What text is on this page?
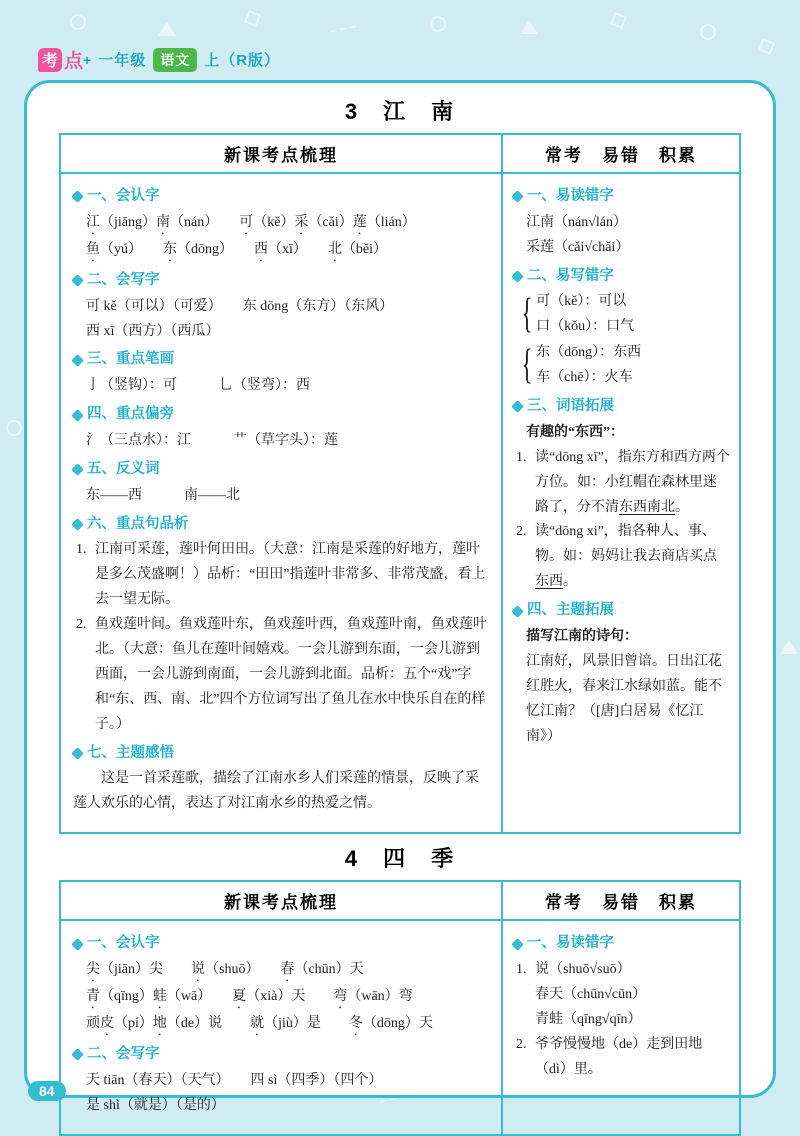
考 点 + 一年级	语文 上（R版）
3　江　南
新课考点梳理	常考　易错　积累
一、会认字
江（jiāng）南（nán）　　可（kě）采（cǎi）莲（lián）
鱼（yú）　　东（dōng）　　西（xī）　　北（běi）
二、会写字
可 kě（可以）（可爱）　　东 dōng（东方）（东风）
西 xī（西方）（西瓜）
三、重点笔画
亅（竖钩）：可　　　乚（竖弯）：西
四、重点偏旁
氵（三点水）：江　　　艹（草字头）：莲
五、反义词
东——西　　　南——北
六、重点句品析
1. 江南可采莲，莲叶何田田。（大意：江南是采莲的好地方，莲叶是多么茂盛啊！）品析：“田田”指莲叶非常多、非常茂盛，看上去一望无际。
2. 鱼戏莲叶间。鱼戏莲叶东，鱼戏莲叶西，鱼戏莲叶南，鱼戏莲叶北。（大意：鱼儿在莲叶间嬉戏。一会儿游到东面，一会儿游到西面，一会儿游到南面，一会儿游到北面。品析：五个“戏”字和“东、西、南、北”四个方位词写出了鱼儿在水中快乐自在的样子。）
七、主题感悟
这是一首采莲歌，描绘了江南水乡人们采莲的情景，反映了采莲人欢乐的心情，表达了对江南水乡的热爱之情。
一、易读错字
江南（nán√lán）
采莲（cǎi√chǎi）
二、易写错字
{ 可（kě）：可以
口（kǒu）：口气
{ 东（dōng）：东西
车（chē）：火车
三、词语拓展
有趣的“东西”：
1. 读“dōng xī”，指东方和西方两个方位。如：小红帽在森林里迷路了，分不清东西南北。
2. 读“dōng xi”，指各种人、事、物。如：妈妈让我去商店买点东西。
四、主题拓展
描写江南的诗句：
江南好，风景旧曾谙。日出江花红胜火，春来江水绿如蓝。能不忆江南？（[唐]白居易《忆江南》）
4　四　季
新课考点梳理	常考　易错　积累
一、会认字
尖（jiān）尖　　说（shuō）　　春（chūn）天
青（qīng）蛙（wā）　　夏（xià）天　　弯（wān）弯
顽皮（pí）地（de）说　　就（jiù）是　　冬（dōng）天
二、会写字
天 tiān（春天）（天气）　　四 sì（四季）（四个）
是 shì（就是）（是的）
一、易读错字
1. 说（shuō√suō）
春天（chūn√cūn）
青蛙（qīng√qīn）
2. 爷爷慢慢地（de）走到田地（dì）里。
84
